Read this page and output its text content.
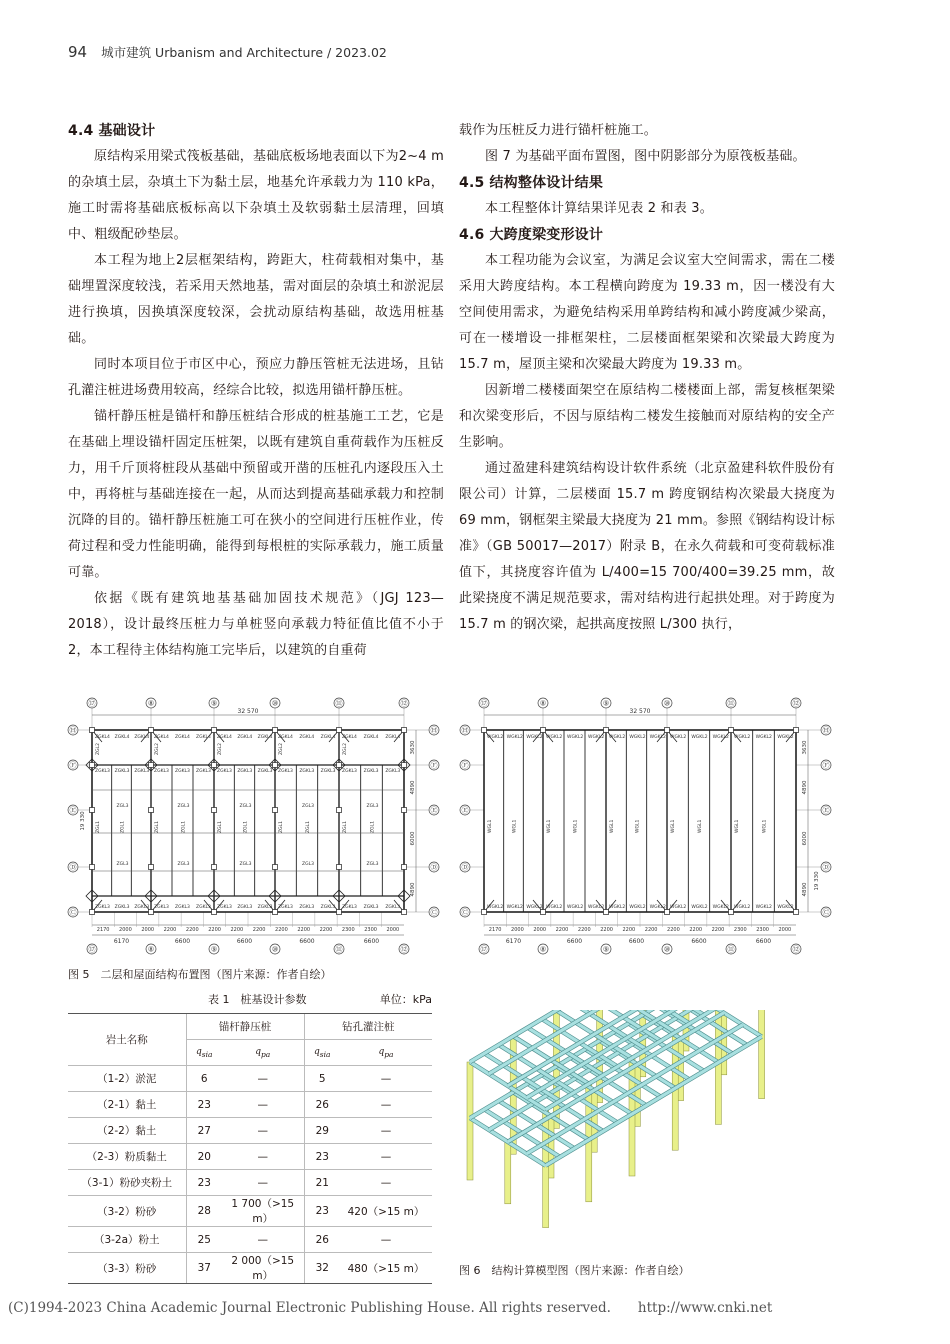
94 城市建筑 Urbanism and Architecture / 2023.02
4.4 基础设计

原结构采用梁式筏板基础，基础底板场地表面以下为2~4 m 的杂填土层，杂填土下为黏土层，地基允许承载力为 110 kPa，施工时需将基础底板标高以下杂填土及软弱黏土层清理，回填中、粗级配砂垫层。

本工程为地上2层框架结构，跨距大，柱荷载相对集中，基础埋置深度较浅，若采用天然地基，需对面层的杂填土和淤泥层进行换填，因换填深度较深，会扰动原结构基础，故选用桩基础。

同时本项目位于市区中心，预应力静压管桩无法进场，且钻孔灌注桩进场费用较高，经综合比较，拟选用锚杆静压桩。

锚杆静压桩是锚杆和静压桩结合形成的桩基施工工艺，它是在基础上埋设锚杆固定压桩架，以既有建筑自重荷载作为压桩反力，用千斤顶将桩段从基础中预留或开凿的压桩孔内逐段压入土中，再将桩与基础连接在一起，从而达到提高基础承载力和控制沉降的目的。锚杆静压桩施工可在狭小的空间进行压桩作业，传荷过程和受力性能明确，能得到每根桩的实际承载力，施工质量可靠。

依据《既有建筑地基基础加固技术规范》（JGJ 123—2018），设计最终压桩力与单桩竖向承载力特征值比值不小于 2，本工程待主体结构施工完毕后，以建筑的自重荷

载作为压桩反力进行锚杆桩施工。

图 7 为基础平面布置图，图中阴影部分为原筏板基础。

4.5 结构整体设计结果

本工程整体计算结果详见表 2 和表 3。

4.6 大跨度梁变形设计

本工程功能为会议室，为满足会议室大空间需求，需在二楼采用大跨度结构。本工程横向跨度为 19.33 m，因一楼没有大空间使用需求，为避免结构采用单跨结构和减小跨度减少梁高，可在一楼增设一排框架柱，二层楼面框架梁和次梁最大跨度为 15.7 m，屋顶主梁和次梁最大跨度为 19.33 m。

因新增二楼楼面架空在原结构二楼楼面上部，需复核框架梁和次梁变形后，不因与原结构二楼发生接触而对原结构的安全产生影响。

通过盈建科建筑结构设计软件系统（北京盈建科软件股份有限公司）计算，二层楼面 15.7 m 跨度钢结构次梁最大挠度为 69 mm，钢框架主梁最大挠度为 21 mm。参照《钢结构设计标准》（GB 50017—2017）附录 B，在永久荷载和可变荷载标准值下，其挠度容许值为 L/400=15 700/400=39.25 mm，故此梁挠度不满足规范要求，需对结构进行起拱处理。对于跨度为 15.7 m 的钢次梁，起拱高度按照 L/300 执行，

⑰
⑰
⑧
⑧
⑨
⑨
⑩
⑩
⑪
⑪
⑫
⑫
Ⓗ	Ⓗ
Ⓕ	Ⓕ
Ⓔ	Ⓔ
Ⓓ	Ⓓ
Ⓒ	Ⓒ
32 570
3630
4890
6000
4890
19 330
2170 2000 2000 2200 2200 2200 2200 2200 2200 2200 2200 2300 2300 2000
6170	6600	6600	6600	6600
ZGKL4
ZGKL3
ZGKL3
ZGKL4
ZGKL3
ZGKL3
ZGKL4
ZGKL3
ZGKL3
ZGL1	ZGL1
ZGL3
ZGL3
ZGL2
ZGKL4
ZGKL3
ZGKL3
ZGKL4
ZGKL3
ZGKL3
ZGKL4
ZGKL3
ZGKL3
ZGL1	ZGL1
ZGL3
ZGL3
ZGL2
ZGKL4
ZGKL3
ZGKL3
ZGKL4
ZGKL3
ZGKL3
ZGKL4
ZGKL3
ZGKL3
ZGL1	ZGL1
ZGL3
ZGL3
ZGL2
ZGKL4
ZGKL3
ZGKL3
ZGKL4
ZGKL3
ZGKL3
ZGKL4
ZGKL3
ZGKL3
ZGL1	ZGL1
ZGL3
ZGL3
ZGL2
ZGKL4
ZGKL3
ZGKL3
ZGKL4
ZGKL3
ZGKL3
ZGKL4
ZGKL3
ZGKL3
ZGL1	ZGL1
ZGL3
ZGL3
ZGL2
⑰
⑰
⑧
⑧
⑨
⑨
⑩
⑩
⑪
⑪
⑫
⑫
Ⓗ	Ⓗ
Ⓕ	Ⓕ
Ⓔ	Ⓔ
Ⓓ	Ⓓ
Ⓒ	Ⓒ
32 570
3630
4890
6000
4890 19 330
2170 2000 2000 2200 2200 2200 2200 2200 2200 2200 2200 2300 2300 2000
6170	6600	6600	6600	6600
WGKL2
WGKL2
WGKL2
WGKL2
WGKL2
WGKL2
WGL1	WGL1
WGKL2
WGKL2
WGKL2
WGKL2
WGKL2
WGKL2
WGL1	WGL1
WGKL2
WGKL2
WGKL2
WGKL2
WGKL2
WGKL2
WGL1	WGL1
WGKL2
WGKL2
WGKL2
WGKL2
WGKL2
WGKL2
WGL1	WGL1
WGKL2
WGKL2
WGKL2
WGKL2
WGKL2
WGKL2
WGL1	WGL1
图 5　二层和屋面结构布置图（图片来源：作者自绘）
表 1　桩基设计参数	单位：kPa
岩土名称	锚杆静压桩		钻孔灌注桩	
	$q_{sia}$	$q_{pa}$	$q_{sia}$	$q_{pa}$
（1-2）淤泥	6	—	5	—
（2-1）黏土	23	—	26	—
（2-2）黏土	27	—	29	—
（2-3）粉质黏土	20	—	23	—
（3-1）粉砂夹粉土	23	—	21	—
（3-2）粉砂	28	1 700（>15 m）	23	420（>15 m）
（3-2a）粉土	25	—	26	—
（3-3）粉砂	37	2 000（>15 m）	32	480（>15 m）	图 6　结构计算模型图（图片来源：作者自绘）
(C)1994-2023 China Academic Journal Electronic Publishing House. All rights reserved.　　http://www.cnki.net
